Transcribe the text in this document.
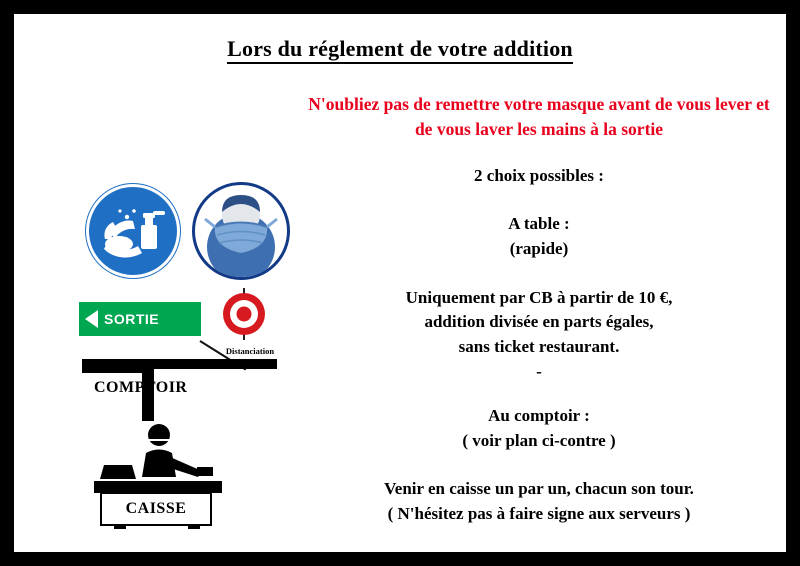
Lors du réglement de votre addition
SORTIE
Distanciation
COMPTOIR
CAISSE
N'oubliez pas de remettre votre masque avant de vous lever et de vous laver les mains à la sortie
2 choix possibles :
A table :
(rapide)
Uniquement par CB à partir de 10 €,
addition divisée en parts égales,
sans ticket restaurant.
-
Au comptoir :
( voir plan ci-contre )
Venir en caisse un par un, chacun son tour.
( N'hésitez pas à faire signe aux serveurs )
